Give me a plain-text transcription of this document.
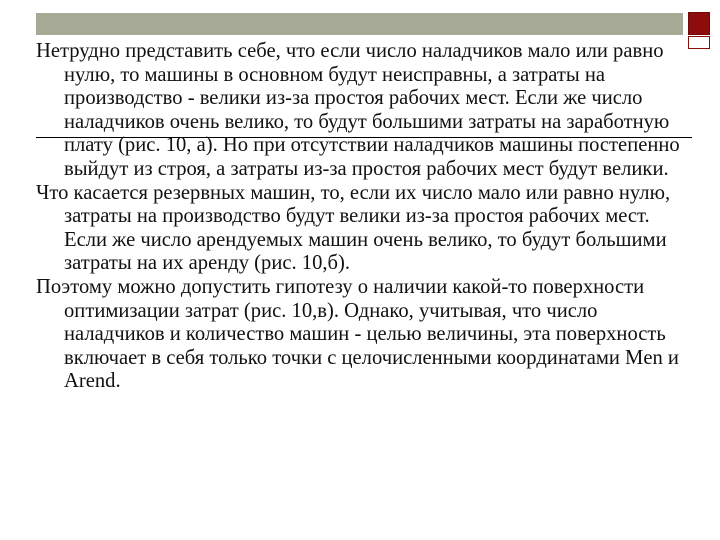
Нетрудно представить себе, что если число наладчиков мало или равно нулю, то машины в основном будут неисправны, а затраты на производство - велики из-за простоя рабочих мест. Если же число наладчиков очень велико, то будут большими затраты на заработную плату (рис. 10, а). Но при отсутствии наладчиков машины постепенно выйдут из строя, а затраты из-за простоя рабочих мест будут велики.

Что касается резервных машин, то, если их число мало или равно нулю, затраты на производство будут велики из-за простоя рабочих мест. Если же число арендуемых машин очень велико, то будут большими затраты на их аренду (рис. 10,б).

Поэтому можно допустить гипотезу о наличии какой-то поверхности оптимизации затрат (рис. 10,в). Однако, учитывая, что число наладчиков и количество машин - целью величины, эта поверхность включает в себя только точки с целочисленными координатами Men и Arend.
